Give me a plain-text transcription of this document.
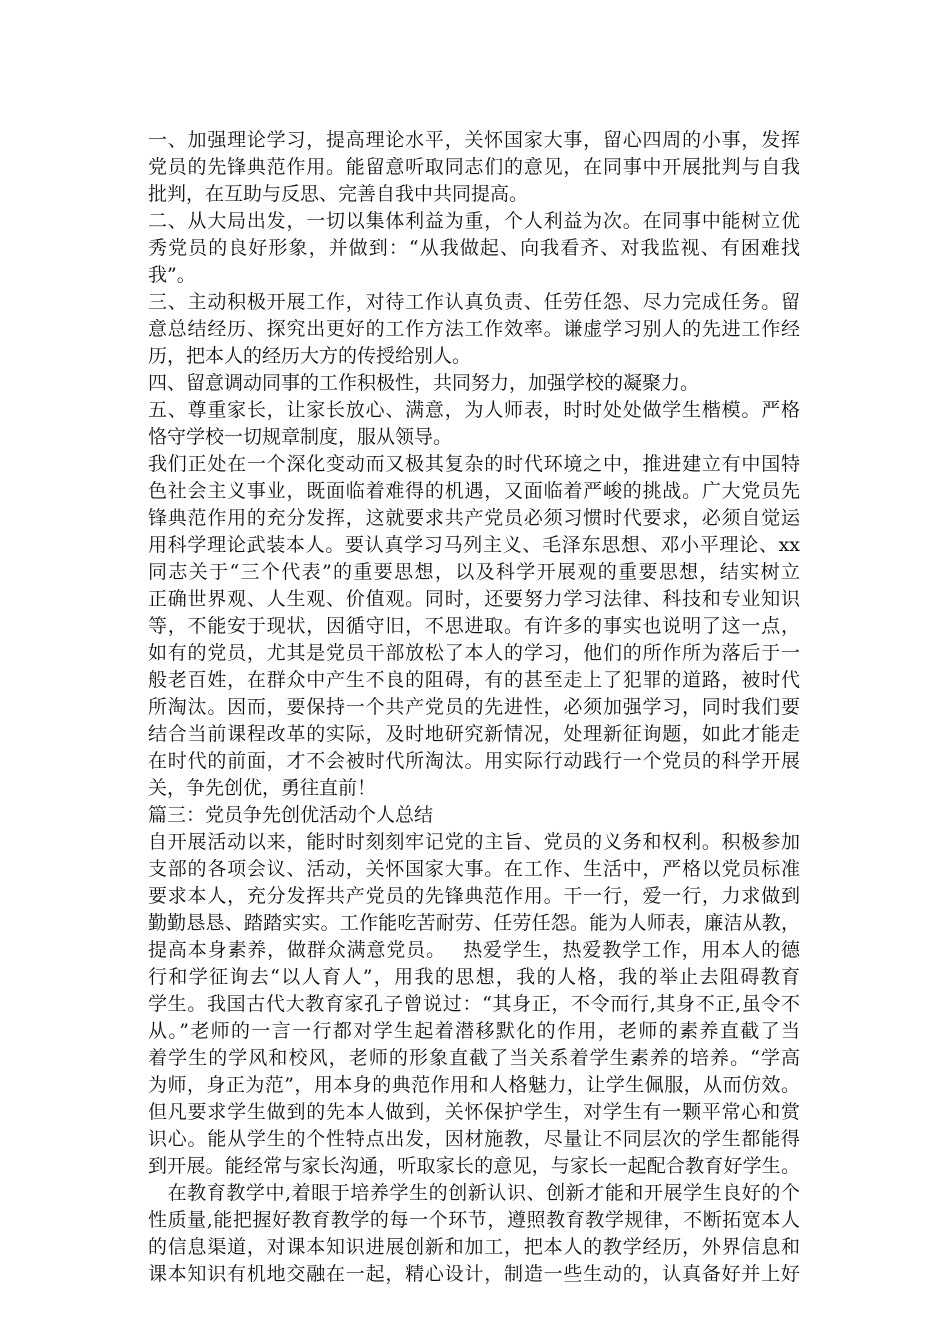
一、加强理论学习，提高理论水平，关怀国家大事，留心四周的小事，发挥
党员的先锋典范作用。能留意听取同志们的意见，在同事中开展批判与自我
批判，在互助与反思、完善自我中共同提高。
二、从大局出发，一切以集体利益为重，个人利益为次。在同事中能树立优
秀党员的良好形象，并做到：“从我做起、向我看齐、对我监视、有困难找
我”。
三、主动积极开展工作，对待工作认真负责、任劳任怨、尽力完成任务。留
意总结经历、探究出更好的工作方法工作效率。谦虚学习别人的先进工作经
历，把本人的经历大方的传授给别人。
四、留意调动同事的工作积极性，共同努力，加强学校的凝聚力。
五、尊重家长，让家长放心、满意，为人师表，时时处处做学生楷模。严格
恪守学校一切规章制度，服从领导。
我们正处在一个深化变动而又极其复杂的时代环境之中，推进建立有中国特
色社会主义事业，既面临着难得的机遇，又面临着严峻的挑战。广大党员先
锋典范作用的充分发挥，这就要求共产党员必须习惯时代要求，必须自觉运
用科学理论武装本人。要认真学习马列主义、毛泽东思想、邓小平理论、xx
同志关于“三个代表”的重要思想，以及科学开展观的重要思想，结实树立
正确世界观、人生观、价值观。同时，还要努力学习法律、科技和专业知识
等，不能安于现状，因循守旧，不思进取。有许多的事实也说明了这一点，
如有的党员，尤其是党员干部放松了本人的学习，他们的所作所为落后于一
般老百姓，在群众中产生不良的阻碍，有的甚至走上了犯罪的道路，被时代
所淘汰。因而，要保持一个共产党员的先进性，必须加强学习，同时我们要
结合当前课程改革的实际，及时地研究新情况，处理新征询题，如此才能走
在时代的前面，才不会被时代所淘汰。用实际行动践行一个党员的科学开展
关，争先创优，勇往直前！
篇三：党员争先创优活动个人总结
自开展活动以来，能时时刻刻牢记党的主旨、党员的义务和权利。积极参加
支部的各项会议、活动，关怀国家大事。在工作、生活中，严格以党员标准
要求本人，充分发挥共产党员的先锋典范作用。干一行，爱一行，力求做到
勤勤恳恳、踏踏实实。工作能吃苦耐劳、任劳任怨。能为人师表，廉洁从教，
提高本身素养，做群众满意党员。　 热爱学生，热爱教学工作，用本人的德
行和学征询去“以人育人”，用我的思想，我的人格，我的举止去阻碍教育
学生。我国古代大教育家孔子曾说过：“其身正，不令而行,其身不正,虽令不
从。”老师的一言一行都对学生起着潜移默化的作用，老师的素养直截了当
着学生的学风和校风，老师的形象直截了当关系着学生素养的培养。“学高
为师，身正为范”，用本身的典范作用和人格魅力，让学生佩服，从而仿效。
但凡要求学生做到的先本人做到，关怀保护学生，对学生有一颗平常心和赏
识心。能从学生的个性特点出发，因材施教，尽量让不同层次的学生都能得
到开展。能经常与家长沟通，听取家长的意见，与家长一起配合教育好学生。
　在教育教学中,着眼于培养学生的创新认识、创新才能和开展学生良好的个
性质量,能把握好教育教学的每一个环节，遵照教育教学规律，不断拓宽本人
的信息渠道，对课本知识进展创新和加工，把本人的教学经历，外界信息和
课本知识有机地交融在一起，精心设计，制造一些生动的，认真备好并上好
